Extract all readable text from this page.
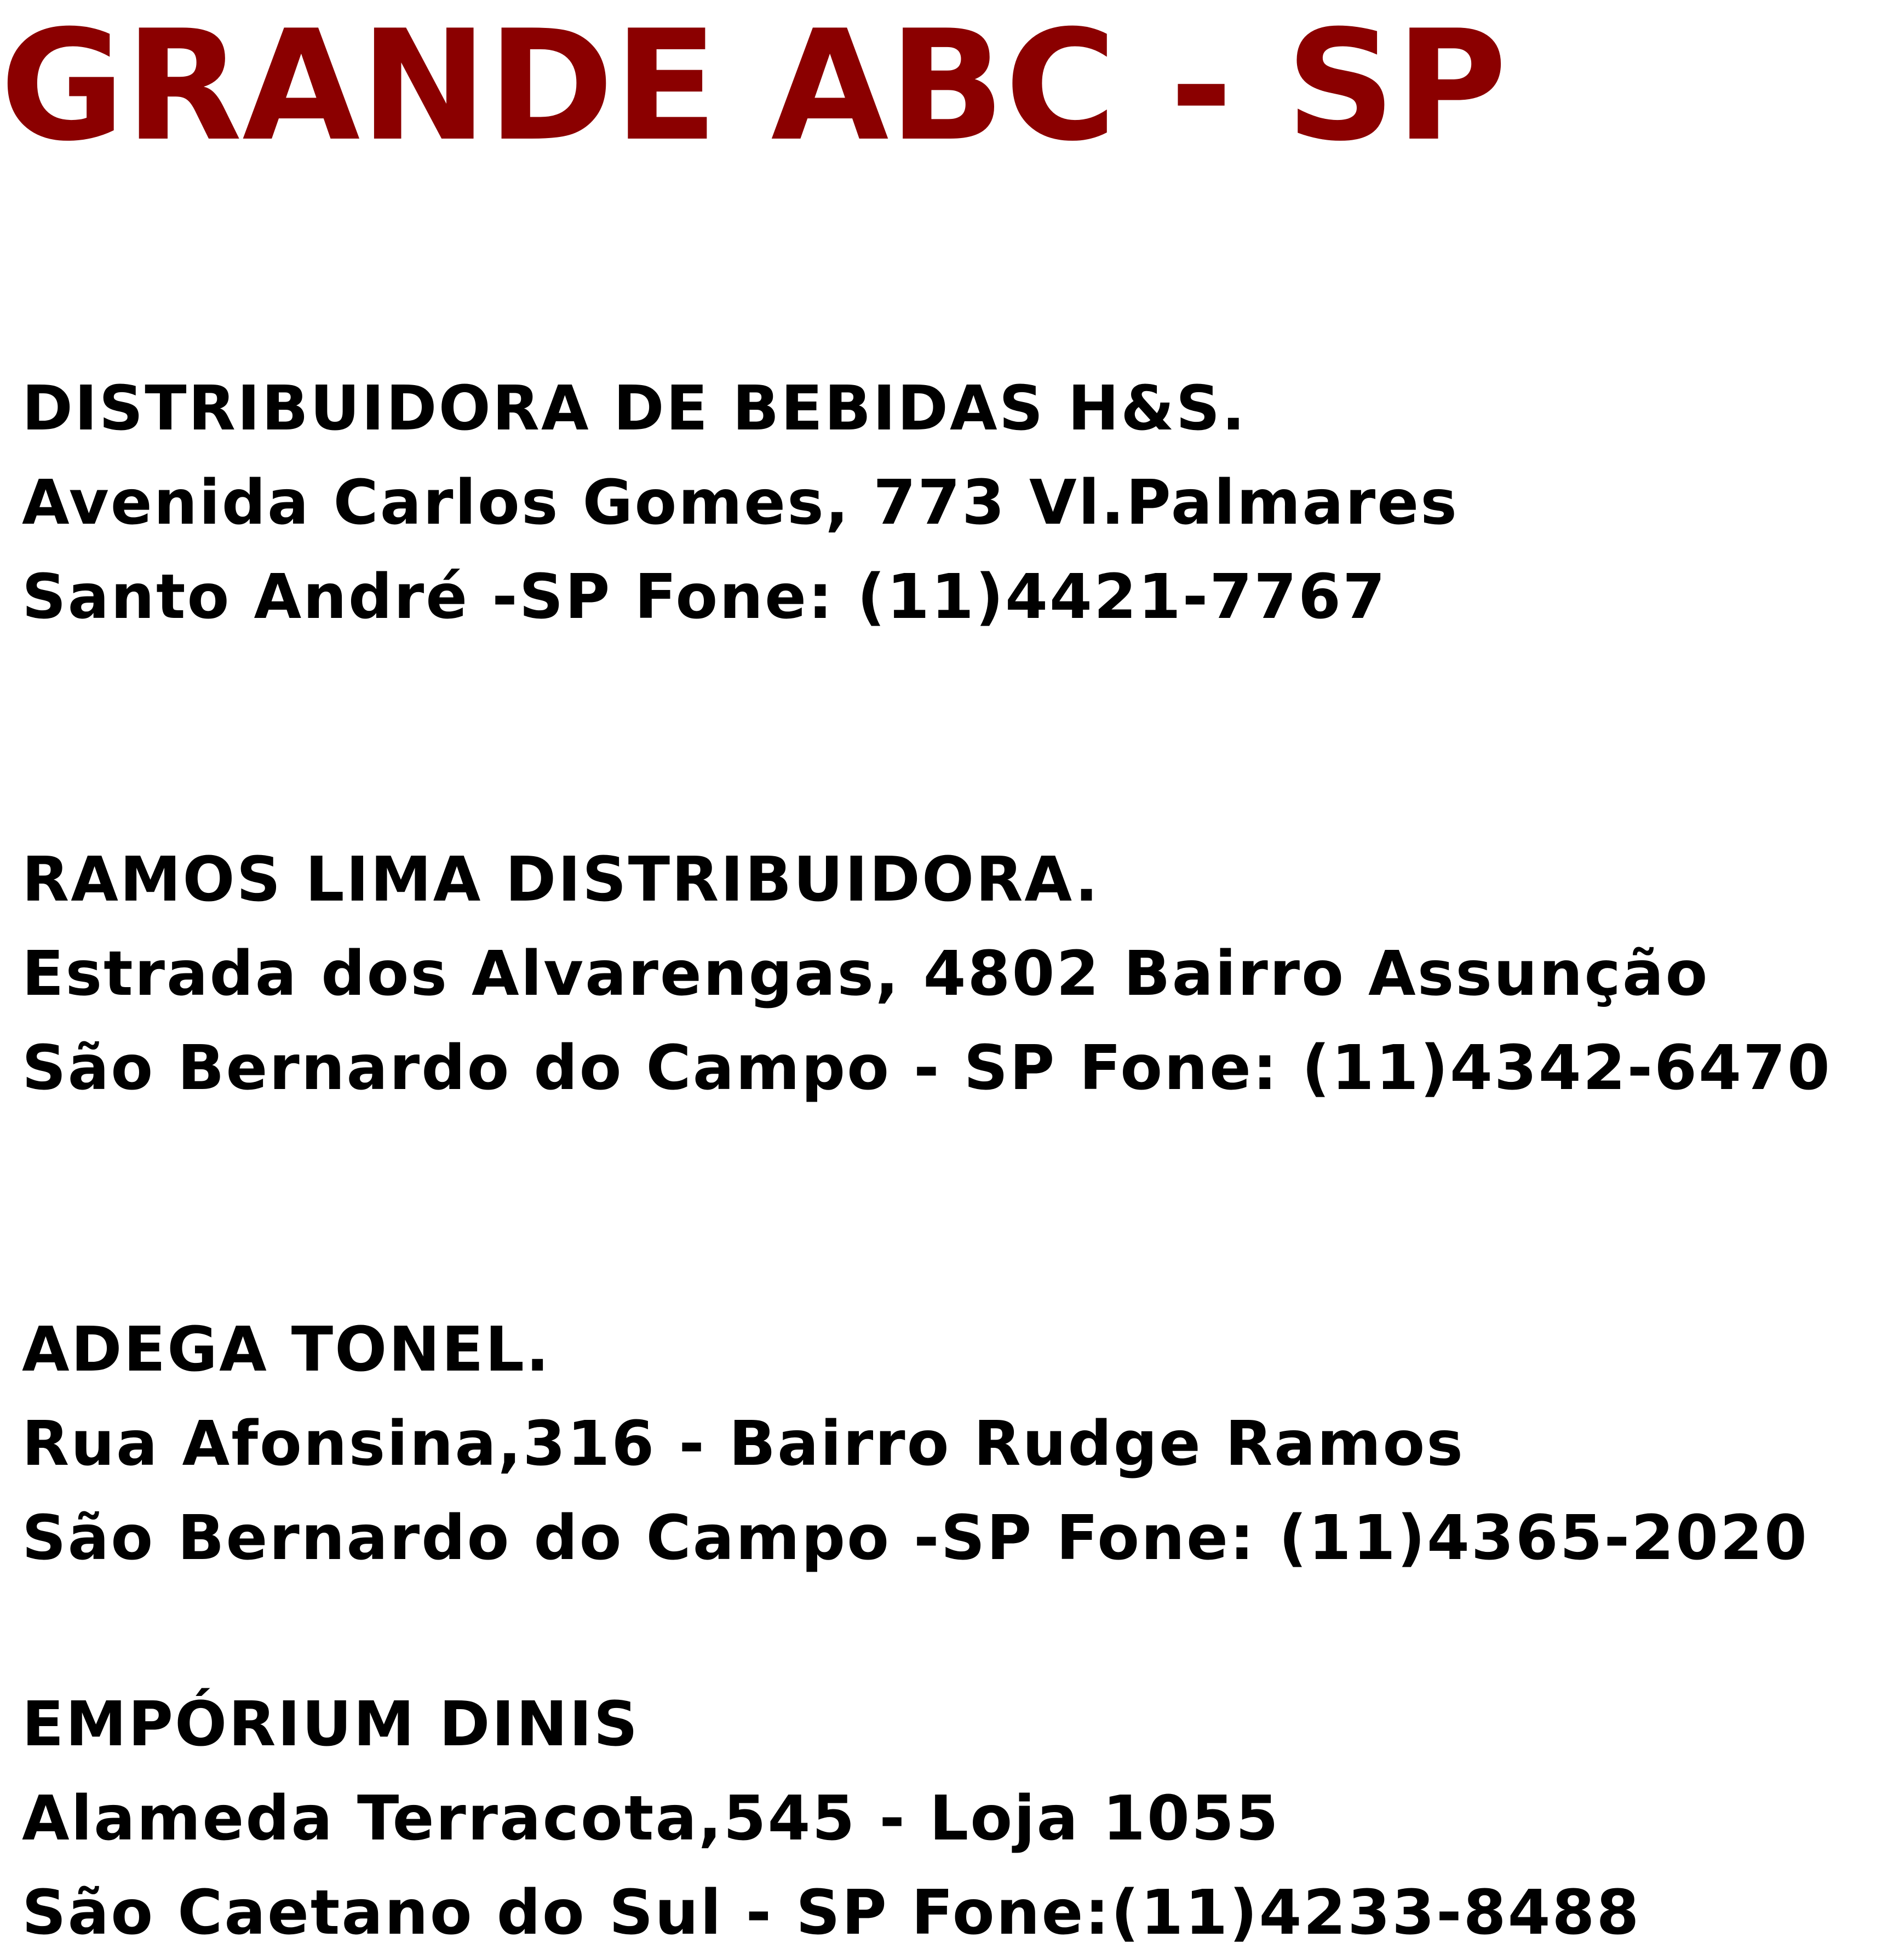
GRANDE ABC - SP
DISTRIBUIDORA DE BEBIDAS H&S.
Avenida Carlos Gomes, 773 Vl.Palmares
Santo André -SP Fone: (11)4421-7767
RAMOS LIMA DISTRIBUIDORA.
Estrada dos Alvarengas, 4802 Bairro Assunção
São Bernardo do Campo - SP Fone: (11)4342-6470
ADEGA TONEL.
Rua Afonsina,316 - Bairro Rudge Ramos
São Bernardo do Campo -SP Fone: (11)4365-2020
EMPÓRIUM DINIS
Alameda Terracota,545 - Loja 1055
São Caetano do Sul - SP Fone:(11)4233-8488
